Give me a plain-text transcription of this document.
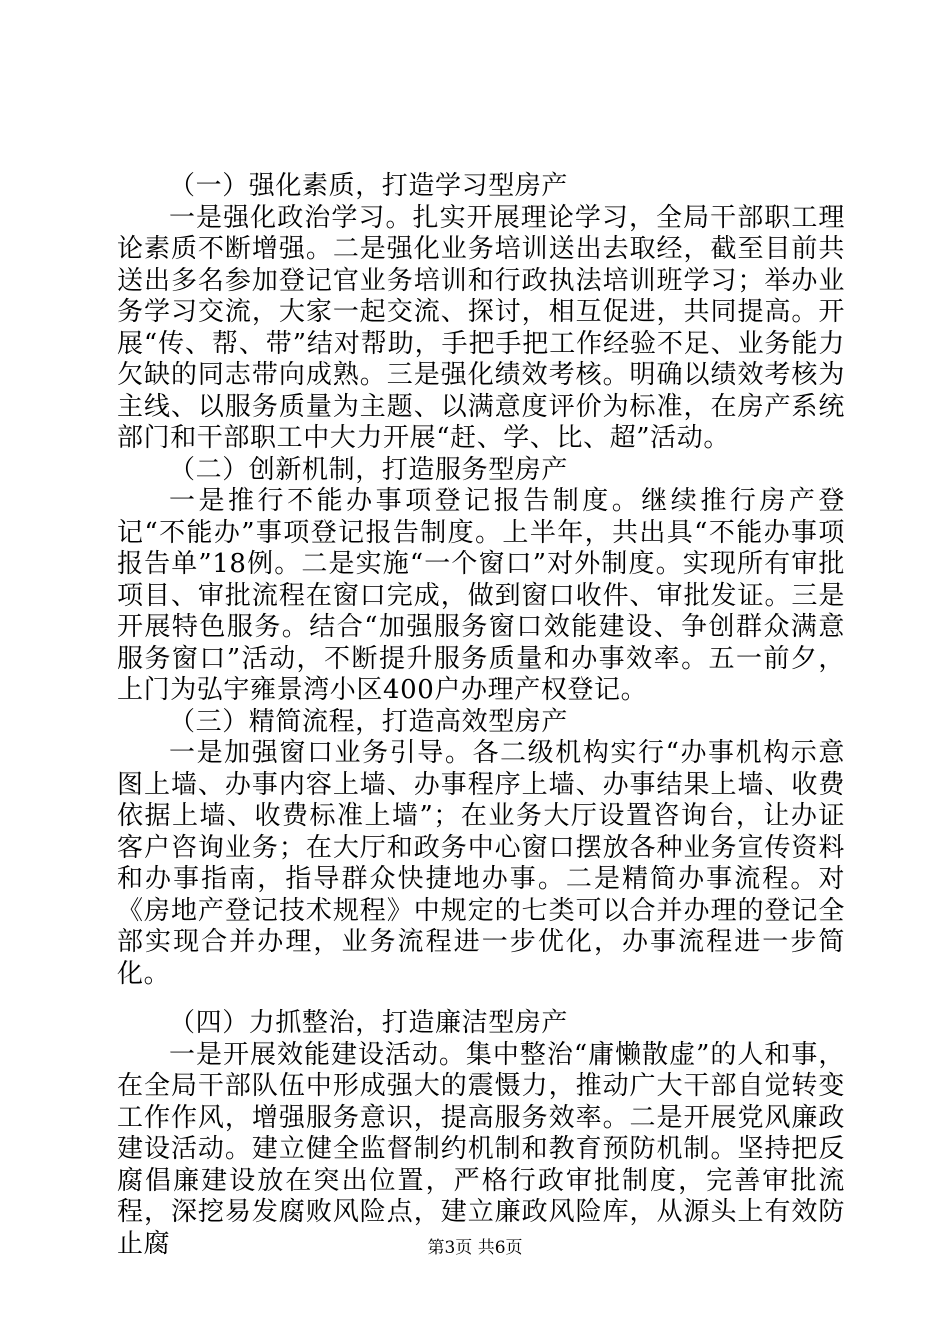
（一）强化素质，打造学习型房产

一是强化政治学习。扎实开展理论学习，全局干部职工理论素质不断增强。二是强化业务培训送出去取经，截至目前共送出多名参加登记官业务培训和行政执法培训班学习；举办业务学习交流，大家一起交流、探讨，相互促进，共同提高。开展“传、帮、带”结对帮助，手把手把工作经验不足、业务能力欠缺的同志带向成熟。三是强化绩效考核。明确以绩效考核为主线、以服务质量为主题、以满意度评价为标准，在房产系统部门和干部职工中大力开展“赶、学、比、超”活动。

（二）创新机制，打造服务型房产

一是推行不能办事项登记报告制度。继续推行房产登记“不能办”事项登记报告制度。上半年，共出具“不能办事项报告单”18例。二是实施“一个窗口”对外制度。实现所有审批项目、审批流程在窗口完成，做到窗口收件、审批发证。三是开展特色服务。结合“加强服务窗口效能建设、争创群众满意服务窗口”活动，不断提升服务质量和办事效率。五一前夕，上门为弘宇雍景湾小区400户办理产权登记。

（三）精简流程，打造高效型房产

一是加强窗口业务引导。各二级机构实行“办事机构示意图上墙、办事内容上墙、办事程序上墙、办事结果上墙、收费依据上墙、收费标准上墙”；在业务大厅设置咨询台，让办证客户咨询业务；在大厅和政务中心窗口摆放各种业务宣传资料和办事指南，指导群众快捷地办事。二是精简办事流程。对《房地产登记技术规程》中规定的七类可以合并办理的登记全部实现合并办理，业务流程进一步优化，办事流程进一步简化。

（四）力抓整治，打造廉洁型房产

一是开展效能建设活动。集中整治“庸懒散虚”的人和事，在全局干部队伍中形成强大的震慑力，推动广大干部自觉转变工作作风，增强服务意识，提高服务效率。二是开展党风廉政建设活动。建立健全监督制约机制和教育预防机制。坚持把反腐倡廉建设放在突出位置，严格行政审批制度，完善审批流程，深挖易发腐败风险点，建立廉政风险库，从源头上有效防止腐	第3页 共6页
